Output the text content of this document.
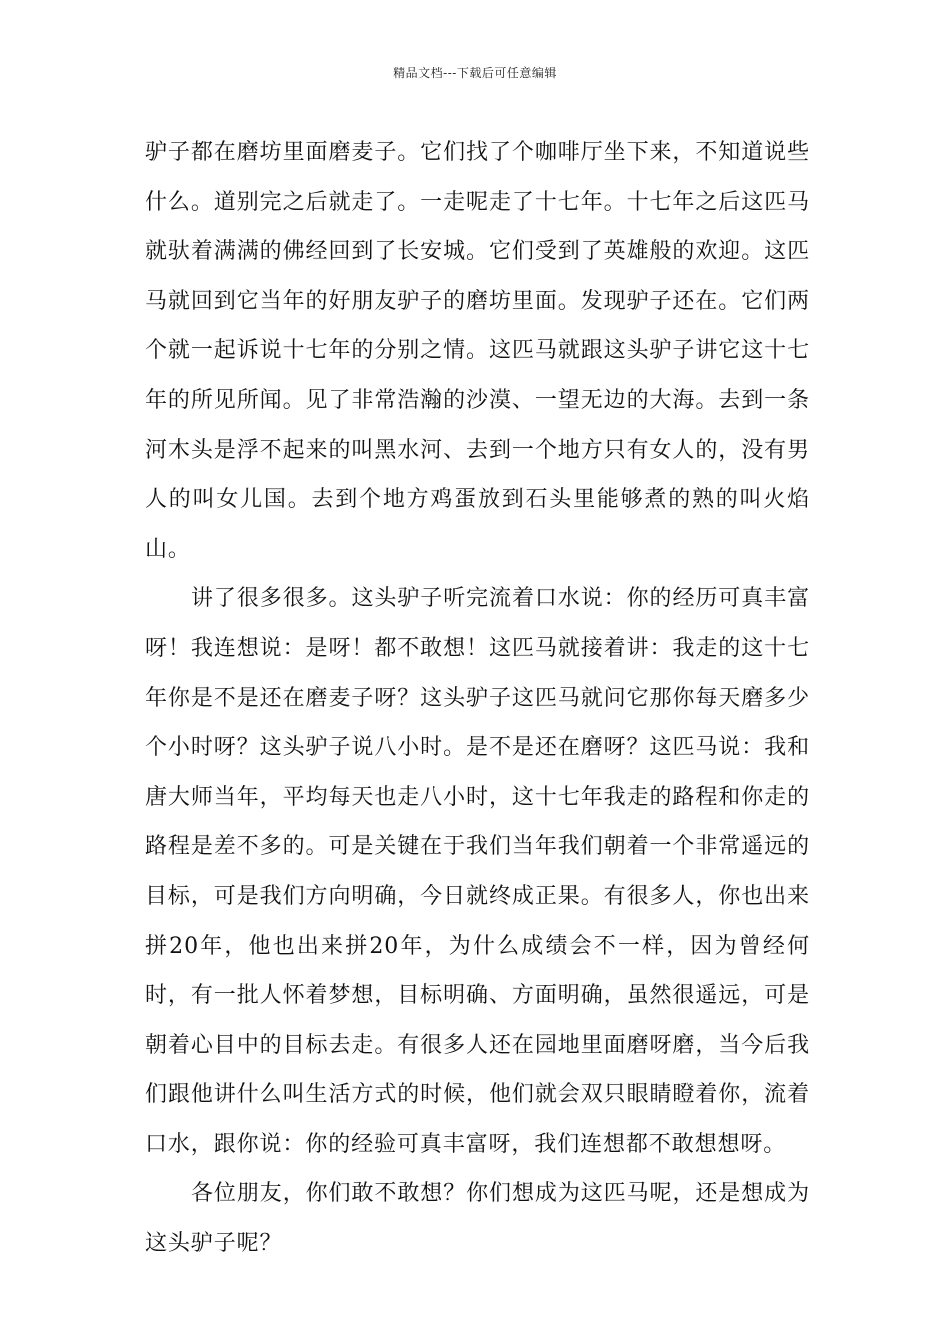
精品文档---下载后可任意编辑

驴子都在磨坊里面磨麦子。它们找了个咖啡厅坐下来，不知道说些什么。道别完之后就走了。一走呢走了十七年。十七年之后这匹马就驮着满满的佛经回到了长安城。它们受到了英雄般的欢迎。这匹马就回到它当年的好朋友驴子的磨坊里面。发现驴子还在。它们两个就一起诉说十七年的分别之情。这匹马就跟这头驴子讲它这十七年的所见所闻。见了非常浩瀚的沙漠、一望无边的大海。去到一条河木头是浮不起来的叫黑水河、去到一个地方只有女人的，没有男人的叫女儿国。去到个地方鸡蛋放到石头里能够煮的熟的叫火焰山。

讲了很多很多。这头驴子听完流着口水说：你的经历可真丰富呀！我连想说：是呀！都不敢想！这匹马就接着讲：我走的这十七年你是不是还在磨麦子呀？这头驴子这匹马就问它那你每天磨多少个小时呀？这头驴子说八小时。是不是还在磨呀？这匹马说：我和唐大师当年，平均每天也走八小时，这十七年我走的路程和你走的路程是差不多的。可是关键在于我们当年我们朝着一个非常遥远的目标，可是我们方向明确，今日就终成正果。有很多人，你也出来拼20年，他也出来拼20年，为什么成绩会不一样，因为曾经何时，有一批人怀着梦想，目标明确、方面明确，虽然很遥远，可是朝着心目中的目标去走。有很多人还在园地里面磨呀磨，当今后我们跟他讲什么叫生活方式的时候，他们就会双只眼睛瞪着你，流着口水，跟你说：你的经验可真丰富呀，我们连想都不敢想想呀。

各位朋友，你们敢不敢想？你们想成为这匹马呢，还是想成为这头驴子呢？
